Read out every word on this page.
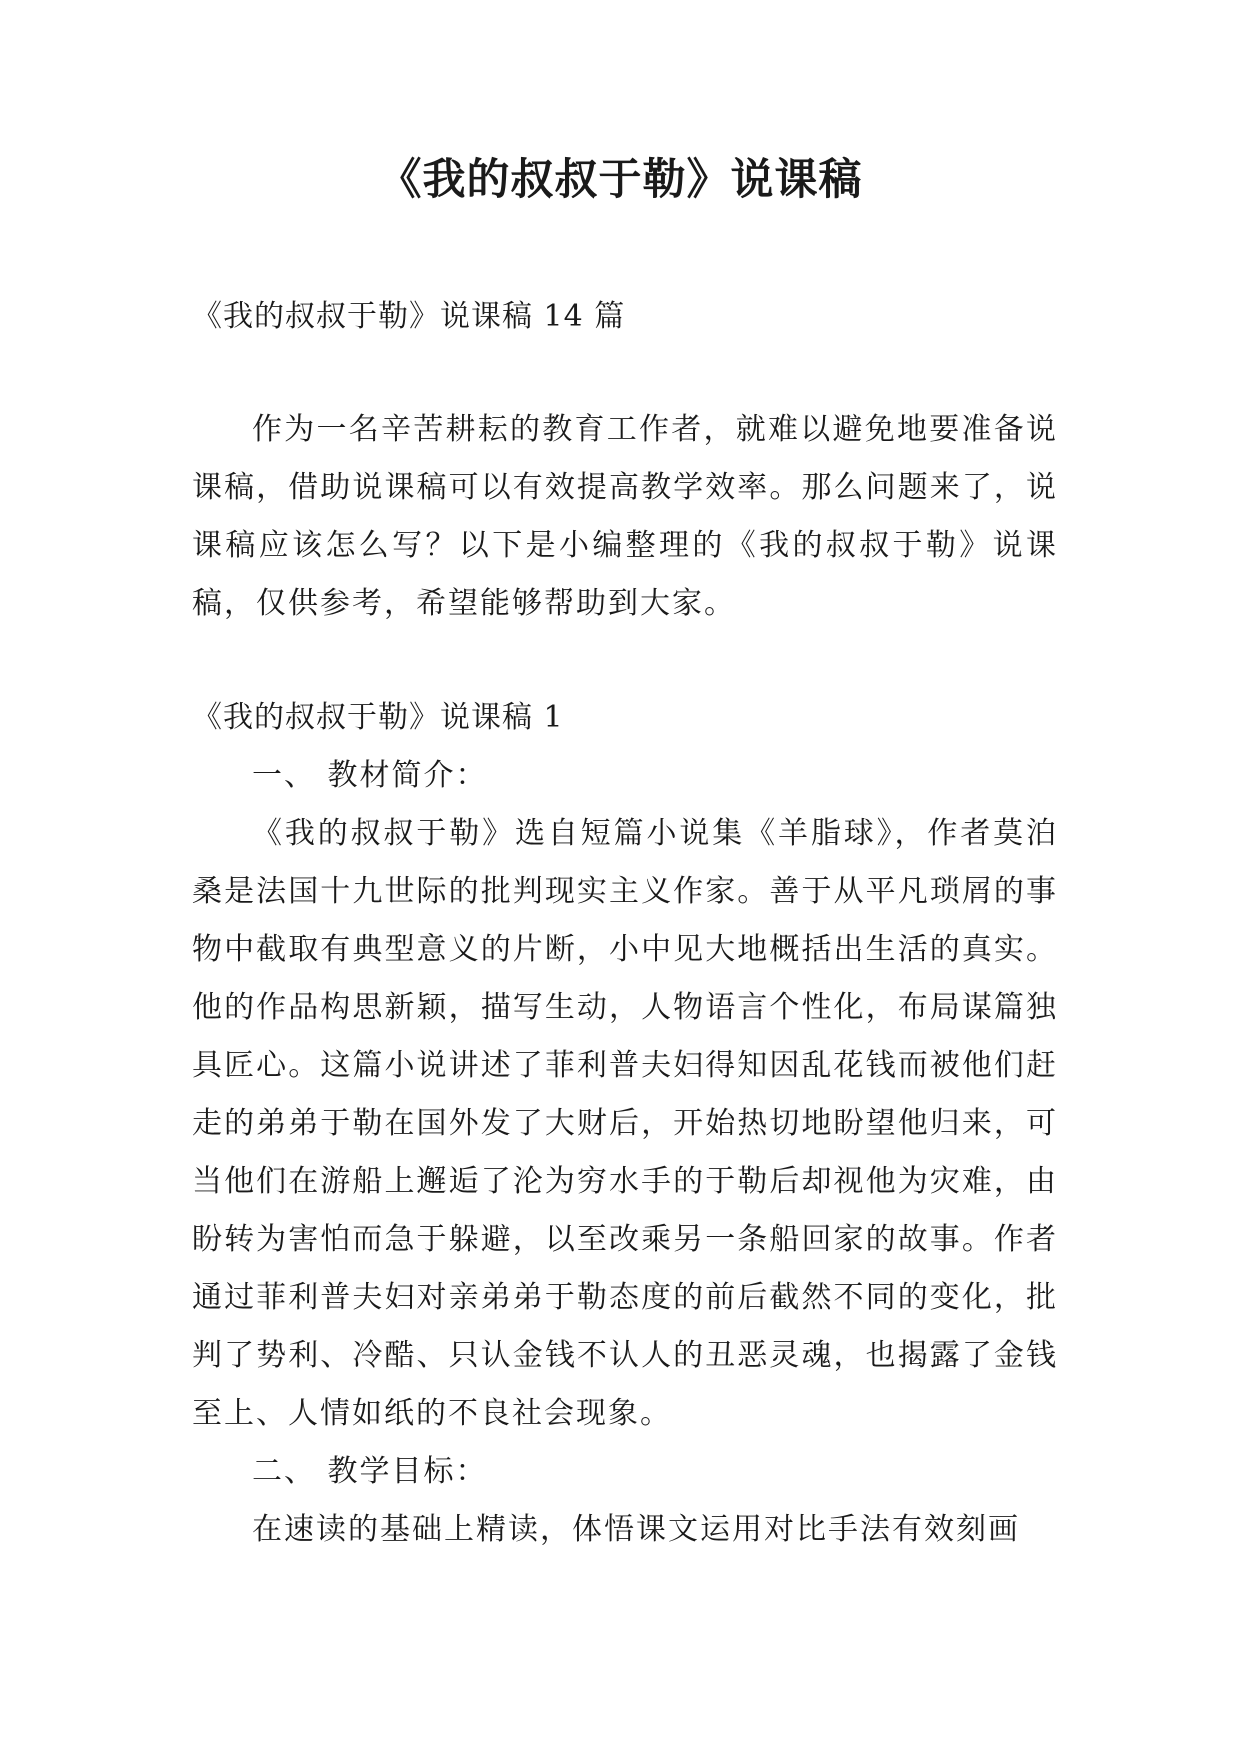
《我的叔叔于勒》说课稿

《我的叔叔于勒》说课稿 14 篇

作为一名辛苦耕耘的教育工作者，就难以避免地要准备说课稿，借助说课稿可以有效提高教学效率。那么问题来了，说课稿应该怎么写？以下是小编整理的《我的叔叔于勒》说课稿，仅供参考，希望能够帮助到大家。

《我的叔叔于勒》说课稿 1

一、 教材简介：

《我的叔叔于勒》选自短篇小说集《羊脂球》，作者莫泊桑是法国十九世际的批判现实主义作家。善于从平凡琐屑的事物中截取有典型意义的片断，小中见大地概括出生活的真实。他的作品构思新颖，描写生动，人物语言个性化，布局谋篇独具匠心。这篇小说讲述了菲利普夫妇得知因乱花钱而被他们赶走的弟弟于勒在国外发了大财后，开始热切地盼望他归来，可当他们在游船上邂逅了沦为穷水手的于勒后却视他为灾难，由盼转为害怕而急于躲避，以至改乘另一条船回家的故事。作者通过菲利普夫妇对亲弟弟于勒态度的前后截然不同的变化，批判了势利、冷酷、只认金钱不认人的丑恶灵魂，也揭露了金钱至上、人情如纸的不良社会现象。

二、 教学目标：

在速读的基础上精读，体悟课文运用对比手法有效刻画
